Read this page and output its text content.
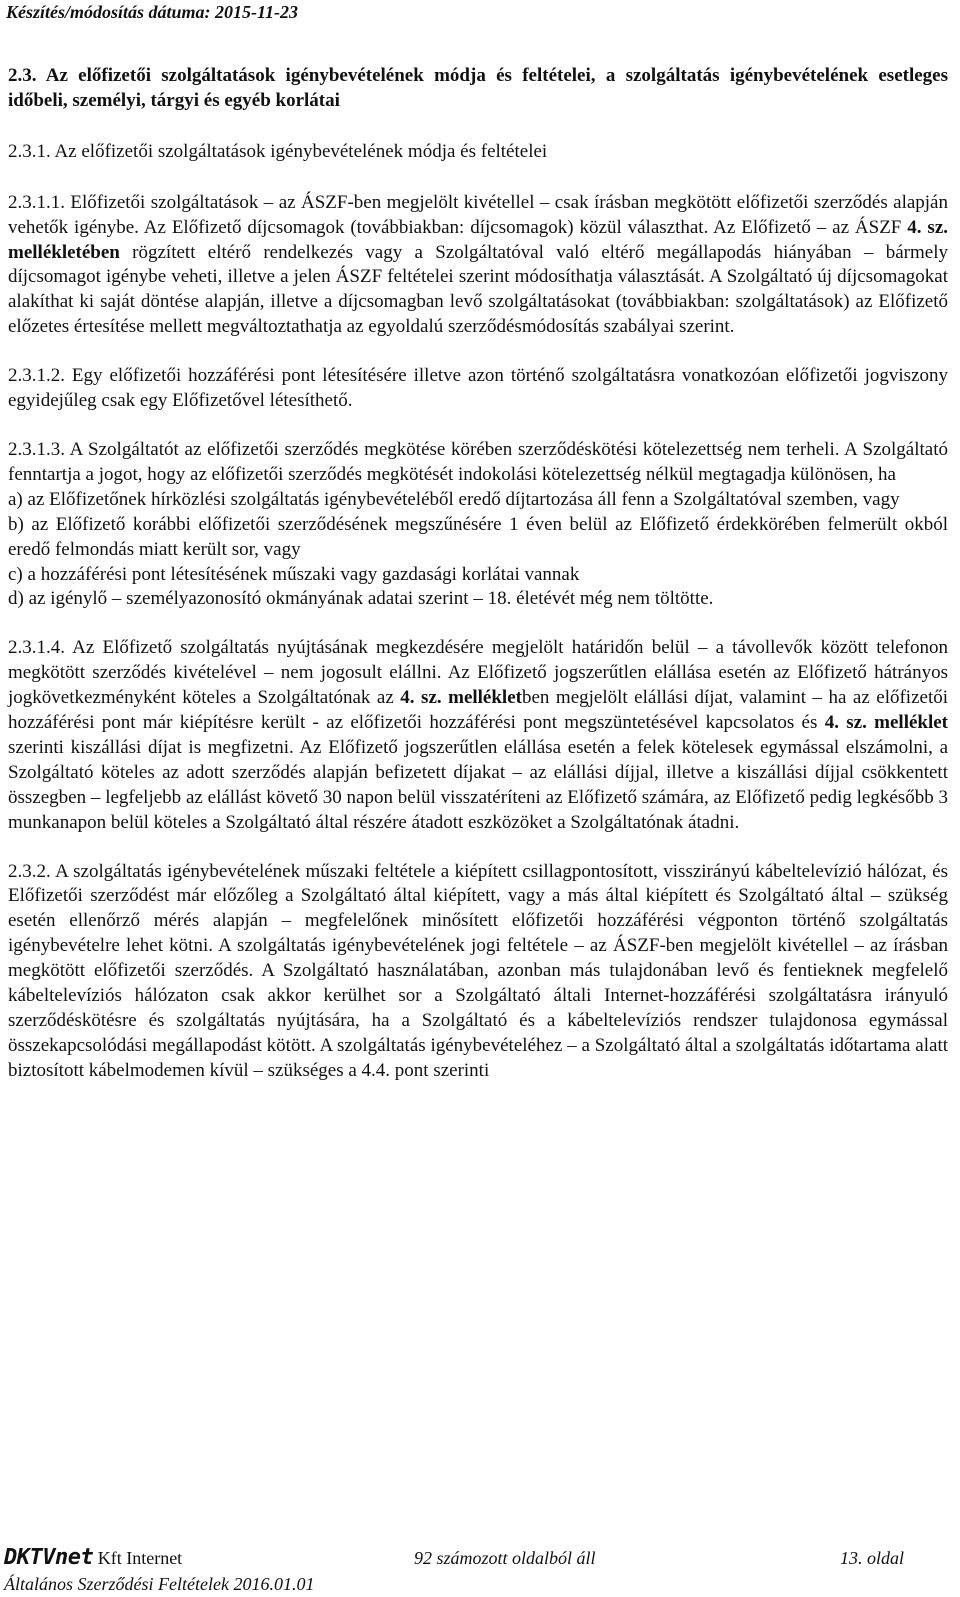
Készítés/módosítás dátuma: 2015-11-23

2.3. Az előfizetői szolgáltatások igénybevételének módja és feltételei, a szolgáltatás igénybevételének esetleges időbeli, személyi, tárgyi és egyéb korlátai

2.3.1. Az előfizetői szolgáltatások igénybevételének módja és feltételei

2.3.1.1. Előfizetői szolgáltatások – az ÁSZF-ben megjelölt kivétellel – csak írásban megkötött előfizetői szerződés alapján vehetők igénybe. Az Előfizető díjcsomagok (továbbiakban: díjcsomagok) közül választhat. Az Előfizető – az ÁSZF 4. sz. mellékletében rögzített eltérő rendelkezés vagy a Szolgáltatóval való eltérő megállapodás hiányában – bármely díjcsomagot igénybe veheti, illetve a jelen ÁSZF feltételei szerint módosíthatja választását. A Szolgáltató új díjcsomagokat alakíthat ki saját döntése alapján, illetve a díjcsomagban levő szolgáltatásokat (továbbiakban: szolgáltatások) az Előfizető előzetes értesítése mellett megváltoztathatja az egyoldalú szerződésmódosítás szabályai szerint.

2.3.1.2. Egy előfizetői hozzáférési pont létesítésére illetve azon történő szolgáltatásra vonatkozóan előfizetői jogviszony egyidejűleg csak egy Előfizetővel létesíthető.

2.3.1.3. A Szolgáltatót az előfizetői szerződés megkötése körében szerződéskötési kötelezettség nem terheli. A Szolgáltató fenntartja a jogot, hogy az előfizetői szerződés megkötését indokolási kötelezettség nélkül megtagadja különösen, ha

a) az Előfizetőnek hírközlési szolgáltatás igénybevételéből eredő díjtartozása áll fenn a Szolgáltatóval szemben, vagy

b) az Előfizető korábbi előfizetői szerződésének megszűnésére 1 éven belül az Előfizető érdekkörében felmerült okból eredő felmondás miatt került sor, vagy

c) a hozzáférési pont létesítésének műszaki vagy gazdasági korlátai vannak

d) az igénylő – személyazonosító okmányának adatai szerint – 18. életévét még nem töltötte.

2.3.1.4. Az Előfizető szolgáltatás nyújtásának megkezdésére megjelölt határidőn belül – a távollevők között telefonon megkötött szerződés kivételével – nem jogosult elállni. Az Előfizető jogszerűtlen elállása esetén az Előfizető hátrányos jogkövetkezményként köteles a Szolgáltatónak az 4. sz. mellékletben megjelölt elállási díjat, valamint – ha az előfizetői hozzáférési pont már kiépítésre került - az előfizetői hozzáférési pont megszüntetésével kapcsolatos és 4. sz. melléklet szerinti kiszállási díjat is megfizetni. Az Előfizető jogszerűtlen elállása esetén a felek kötelesek egymással elszámolni, a Szolgáltató köteles az adott szerződés alapján befizetett díjakat – az elállási díjjal, illetve a kiszállási díjjal csökkentett összegben – legfeljebb az elállást követő 30 napon belül visszatéríteni az Előfizető számára, az Előfizető pedig legkésőbb 3 munkanapon belül köteles a Szolgáltató által részére átadott eszközöket a Szolgáltatónak átadni.

2.3.2. A szolgáltatás igénybevételének műszaki feltétele a kiépített csillagpontosított, visszirányú kábeltelevízió hálózat, és Előfizetői szerződést már előzőleg a Szolgáltató által kiépített, vagy a más által kiépített és Szolgáltató által – szükség esetén ellenőrző mérés alapján – megfelelőnek minősített előfizetői hozzáférési végponton történő szolgáltatás igénybevételre lehet kötni. A szolgáltatás igénybevételének jogi feltétele – az ÁSZF-ben megjelölt kivétellel – az írásban megkötött előfizetői szerződés. A Szolgáltató használatában, azonban más tulajdonában levő és fentieknek megfelelő kábeltelevíziós hálózaton csak akkor kerülhet sor a Szolgáltató általi Internet-hozzáférési szolgáltatásra irányuló szerződéskötésre és szolgáltatás nyújtására, ha a Szolgáltató és a kábeltelevíziós rendszer tulajdonosa egymással összekapcsolódási megállapodást kötött. A szolgáltatás igénybevételéhez – a Szolgáltató által a szolgáltatás időtartama alatt biztosított kábelmodemen kívül – szükséges a 4.4. pont szerinti

DKTVnet Kft Internet	92 számozott oldalból áll	13. oldal
Általános Szerződési Feltételek 2016.01.01
